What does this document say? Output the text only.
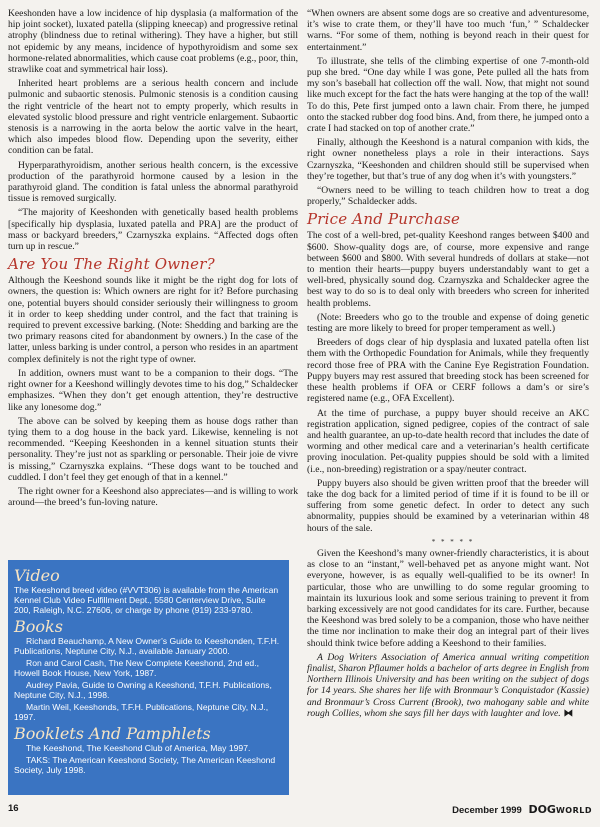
Keeshonden have a low incidence of hip dysplasia (a malformation of the hip joint socket), luxated patella (slipping kneecap) and progressive retinal atrophy (blindness due to retinal withering). They have a higher, but still not epidemic by any means, incidence of hypothyroidism and some sex hormone-related abnormalities, which cause coat problems (e.g., poor, thin, strawlike coat and symmetrical hair loss).

Inherited heart problems are a serious health concern and include pulmonic and subaortic stenosis. Pulmonic stenosis is a condition causing the right ventricle of the heart not to empty properly, which results in elevated systolic blood pressure and right ventricle enlargement. Subaortic stenosis is a narrowing in the aorta below the aortic valve in the heart, which also impedes blood flow. Depending upon the severity, either condition can be fatal.

Hyperparathyroidism, another serious health concern, is the excessive production of the parathyroid hormone caused by a lesion in the parathyroid gland. The condition is fatal unless the abnormal parathyroid tissue is removed surgically.

“The majority of Keeshonden with genetically based health problems [specifically hip dysplasia, luxated patella and PRA] are the product of mass or backyard breeders,” Czarnyszka explains. “Affected dogs often turn up in rescue.”

Are You The Right Owner?

Although the Keeshond sounds like it might be the right dog for lots of owners, the question is: Which owners are right for it? Before purchasing one, potential buyers should consider seriously their willingness to groom it in order to keep shedding under control, and the fact that training is required to prevent excessive barking. (Note: Shedding and barking are the two primary reasons cited for abandonment by owners.) In the case of the latter, unless barking is under control, a person who resides in an apartment complex definitely is not the right type of owner.

In addition, owners must want to be a companion to their dogs. “The right owner for a Keeshond willingly devotes time to his dog,” Schaldecker emphasizes. “When they don’t get enough attention, they’re destructive like any lonesome dog.”

The above can be solved by keeping them as house dogs rather than tying them to a dog house in the back yard. Likewise, kenneling is not recommended. “Keeping Keeshonden in a kennel situation stunts their personality. They’re just not as sparkling or personable. Their joie de vivre is missing,” Czarnyszka explains. “These dogs want to be touched and cuddled. I don’t feel they get enough of that in a kennel.”

The right owner for a Keeshond also appreciates—and is willing to work around—the breed’s fun-loving nature.

Video

The Keeshond breed video (#VVT306) is available from the American Kennel Club Video Fulfillment Dept., 5580 Centerview Drive, Suite 200, Raleigh, N.C. 27606, or charge by phone (919) 233-9780.

Books

Richard Beauchamp, A New Owner’s Guide to Keeshonden, T.F.H. Publications, Neptune City, N.J., available January 2000.

Ron and Carol Cash, The New Complete Keeshond, 2nd ed., Howell Book House, New York, 1987.

Audrey Pavia, Guide to Owning a Keeshond, T.F.H. Publications, Neptune City, N.J., 1998.

Martin Weil, Keeshonds, T.F.H. Publications, Neptune City, N.J., 1997.

Booklets And Pamphlets

The Keeshond, The Keeshond Club of America, May 1997.

TAKS: The American Keeshond Society, The American Keeshond Society, July 1998.

“When owners are absent some dogs are so creative and adventuresome, it’s wise to crate them, or they’ll have too much ‘fun,’ ” Schaldecker warns. “For some of them, nothing is beyond reach in their quest for entertainment.”

To illustrate, she tells of the climbing expertise of one 7-month-old pup she bred. “One day while I was gone, Pete pulled all the hats from my son’s baseball hat collection off the wall. Now, that might not sound like much except for the fact the hats were hanging at the top of the wall! To do this, Pete first jumped onto a lawn chair. From there, he jumped onto the stacked rubber dog food bins. And, from there, he jumped onto a crate I had stacked on top of another crate.”

Finally, although the Keeshond is a natural companion with kids, the right owner nonetheless plays a role in their interactions. Says Czarnyszka, “Keeshonden and children should still be supervised when they’re together, but that’s true of any dog when it’s with youngsters.”

“Owners need to be willing to teach children how to treat a dog properly,” Schaldecker adds.

Price And Purchase

The cost of a well-bred, pet-quality Keeshond ranges between $400 and $600. Show-quality dogs are, of course, more expensive and range between $600 and $800. With several hundreds of dollars at stake—not to mention their hearts—puppy buyers understandably want to get a well-bred, physically sound dog. Czarnyszka and Schaldecker agree the best way to do so is to deal only with breeders who screen for inherited health problems.

(Note: Breeders who go to the trouble and expense of doing genetic testing are more likely to breed for proper temperament as well.)

Breeders of dogs clear of hip dysplasia and luxated patella often list them with the Orthopedic Foundation for Animals, while they frequently record those free of PRA with the Canine Eye Registration Foundation. Puppy buyers may rest assured that breeding stock has been screened for these health problems if OFA or CERF follows a dam’s or sire’s registered name (e.g., OFA Excellent).

At the time of purchase, a puppy buyer should receive an AKC registration application, signed pedigree, copies of the contract of sale and health guarantee, an up-to-date health record that includes the date of worming and other medical care and a veterinarian’s health certificate proving inoculation. Pet-quality puppies should be sold with a limited (i.e., non-breeding) registration or a spay/neuter contract.

Puppy buyers also should be given written proof that the breeder will take the dog back for a limited period of time if it is found to be ill or suffering from some genetic defect. In order to detect any such abnormality, puppies should be examined by a veterinarian within 48 hours of the sale.

* * * * *

Given the Keeshond’s many owner-friendly characteristics, it is about as close to an “instant,” well-behaved pet as anyone might want. Not everyone, however, is as equally well-qualified to be its owner! In particular, those who are unwilling to do some regular grooming to maintain its luxurious look and some serious training to prevent it from barking excessively are not good candidates for its care. Further, because the Keeshond was bred solely to be a companion, those who have neither the time nor inclination to make their dog an integral part of their lives should think twice before adding a Keeshond to their families.

A Dog Writers Association of America annual writing competition finalist, Sharon Pflaumer holds a bachelor of arts degree in English from Northern Illinois University and has been writing on the subject of dogs for 14 years. She shares her life with Bronmaur’s Conquistador (Kassie) and Bronmaur’s Cross Current (Brook), two mahogany sable and white rough Collies, whom she says fill her days with laughter and love. ⧓

16	December 1999 DOGWORLD
